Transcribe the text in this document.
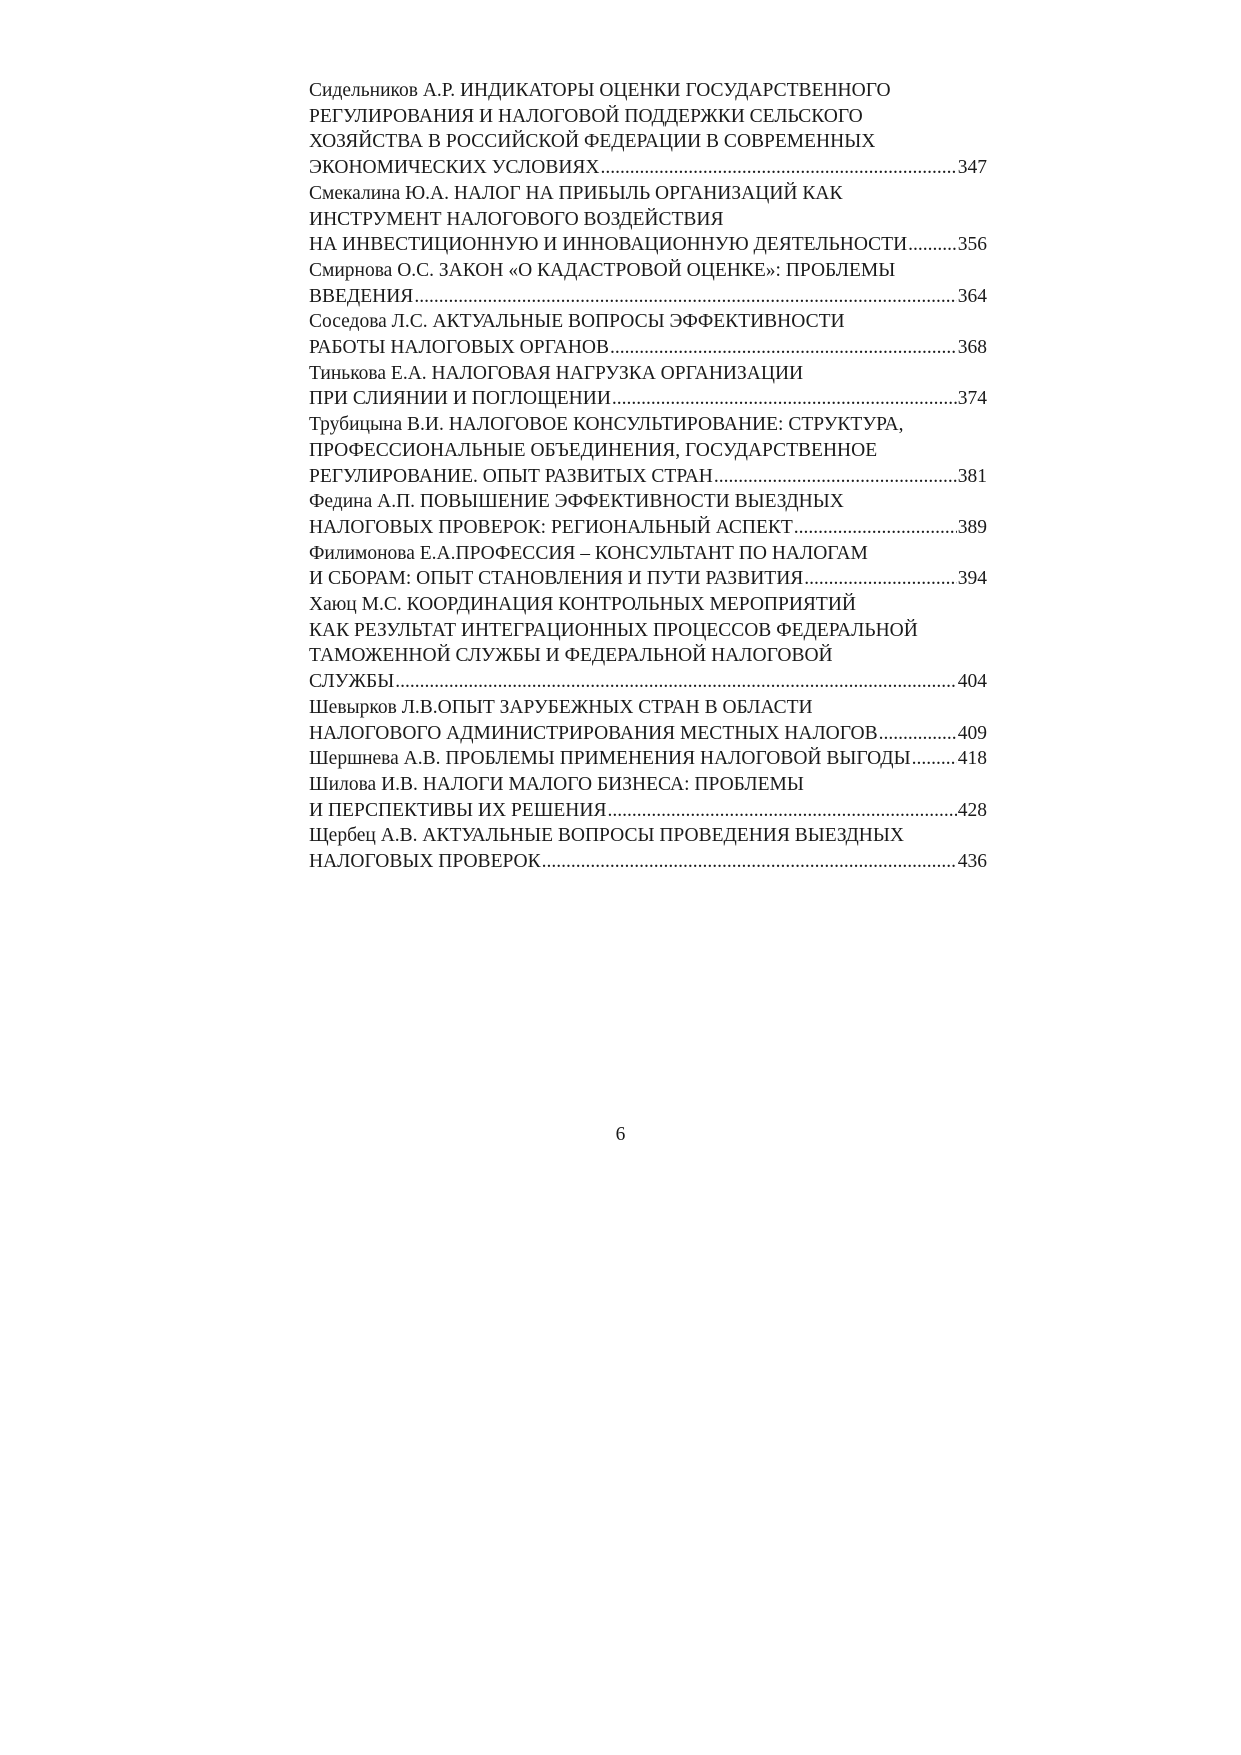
Сидельников А.Р. ИНДИКАТОРЫ ОЦЕНКИ ГОСУДАРСТВЕННОГО
РЕГУЛИРОВАНИЯ И НАЛОГОВОЙ ПОДДЕРЖКИ СЕЛЬСКОГО
ХОЗЯЙСТВА В РОССИЙСКОЙ ФЕДЕРАЦИИ В СОВРЕМЕННЫХ
ЭКОНОМИЧЕСКИХ УСЛОВИЯХ .....	347
Смекалина Ю.А. НАЛОГ НА ПРИБЫЛЬ ОРГАНИЗАЦИЙ КАК
ИНСТРУМЕНТ НАЛОГОВОГО ВОЗДЕЙСТВИЯ
НА ИНВЕСТИЦИОННУЮ И ИННОВАЦИОННУЮ ДЕЯТЕЛЬНОСТИ .....	356
Смирнова О.С. ЗАКОН «О КАДАСТРОВОЙ ОЦЕНКЕ»: ПРОБЛЕМЫ
ВВЕДЕНИЯ .....	364
Соседова Л.С. АКТУАЛЬНЫЕ ВОПРОСЫ ЭФФЕКТИВНОСТИ
РАБОТЫ НАЛОГОВЫХ ОРГАНОВ .....	368
Тинькова Е.А. НАЛОГОВАЯ НАГРУЗКА ОРГАНИЗАЦИИ
ПРИ СЛИЯНИИ И ПОГЛОЩЕНИИ .....	374
Трубицына В.И. НАЛОГОВОЕ КОНСУЛЬТИРОВАНИЕ: СТРУКТУРА,
ПРОФЕССИОНАЛЬНЫЕ ОБЪЕДИНЕНИЯ, ГОСУДАРСТВЕННОЕ
РЕГУЛИРОВАНИЕ. ОПЫТ РАЗВИТЫХ СТРАН .....	381
Федина А.П. ПОВЫШЕНИЕ ЭФФЕКТИВНОСТИ ВЫЕЗДНЫХ
НАЛОГОВЫХ ПРОВЕРОК: РЕГИОНАЛЬНЫЙ АСПЕКТ .....	389
Филимонова Е.А.ПРОФЕССИЯ – КОНСУЛЬТАНТ ПО НАЛОГАМ
И СБОРАМ: ОПЫТ СТАНОВЛЕНИЯ И ПУТИ РАЗВИТИЯ .....	394
Хаюц М.С. КООРДИНАЦИЯ КОНТРОЛЬНЫХ МЕРОПРИЯТИЙ
КАК РЕЗУЛЬТАТ ИНТЕГРАЦИОННЫХ ПРОЦЕССОВ ФЕДЕРАЛЬНОЙ
ТАМОЖЕННОЙ СЛУЖБЫ И ФЕДЕРАЛЬНОЙ НАЛОГОВОЙ
СЛУЖБЫ .....	404
Шевырков Л.В.ОПЫТ ЗАРУБЕЖНЫХ СТРАН В ОБЛАСТИ
НАЛОГОВОГО АДМИНИСТРИРОВАНИЯ МЕСТНЫХ НАЛОГОВ .....	409
Шершнева А.В. ПРОБЛЕМЫ ПРИМЕНЕНИЯ НАЛОГОВОЙ ВЫГОДЫ ..... 418
Шилова И.В. НАЛОГИ МАЛОГО БИЗНЕСА: ПРОБЛЕМЫ
И ПЕРСПЕКТИВЫ ИХ РЕШЕНИЯ .....	428
Щербец А.В. АКТУАЛЬНЫЕ ВОПРОСЫ ПРОВЕДЕНИЯ ВЫЕЗДНЫХ
НАЛОГОВЫХ ПРОВЕРОК .....	436
6
